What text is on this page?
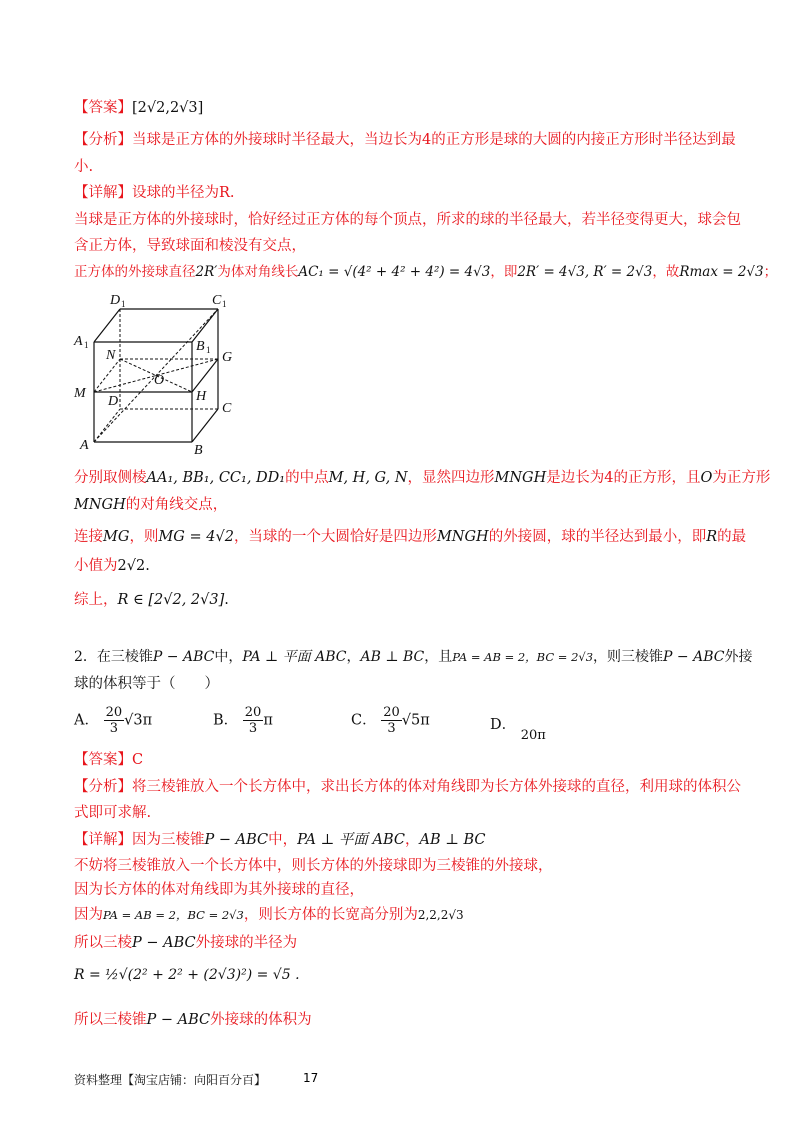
【答案】[2√2,2√3]
【分析】当球是正方体的外接球时半径最大，当边长为4的正方形是球的大圆的内接正方形时半径达到最
小.
【详解】设球的半径为R.
当球是正方体的外接球时，恰好经过正方体的每个顶点，所求的球的半径最大，若半径变得更大，球会包
含正方体，导致球面和棱没有交点，
正方体的外接球直径2R′为体对角线长AC₁ = √(4² + 4² + 4²) = 4√3，即2R′ = 4√3, R′ = 2√3，故Rmax = 2√3；
D 1	C 1
A 1	B 1
N	G
O
M
D	H
C
A	B
分别取侧棱AA₁, BB₁, CC₁, DD₁的中点M, H, G, N，显然四边形MNGH是边长为4的正方形，且O为正方形
MNGH的对角线交点，
连接MG，则MG = 4√2，当球的一个大圆恰好是四边形MNGH的外接圆，球的半径达到最小，即R的最
小值为2√2.
综上，R ∈ [2√2, 2√3].
2．在三棱锥P − ABC中，PA ⊥ 平面 ABC，AB ⊥ BC，且PA = AB = 2，BC = 2√3，则三棱锥P − ABC外接
球的体积等于（　　）
A． $\frac{20}{3} √3\pi$	B． $\frac{20}{3}$ π	C． $\frac{20}{3} √5\pi$	D． 20π
【答案】C
【分析】将三棱锥放入一个长方体中，求出长方体的体对角线即为长方体外接球的直径，利用球的体积公
式即可求解.
【详解】因为三棱锥P − ABC中，PA ⊥ 平面 ABC，AB ⊥ BC
不妨将三棱锥放入一个长方体中，则长方体的外接球即为三棱锥的外接球，
因为长方体的体对角线即为其外接球的直径，
因为PA = AB = 2，BC = 2√3，则长方体的长宽高分别为2,2,2√3
所以三棱P − ABC外接球的半径为
R = ½√(2² + 2² + (2√3)²) = √5 .
所以三棱锥P − ABC外接球的体积为
资料整理【淘宝店铺：向阳百分百】	17
